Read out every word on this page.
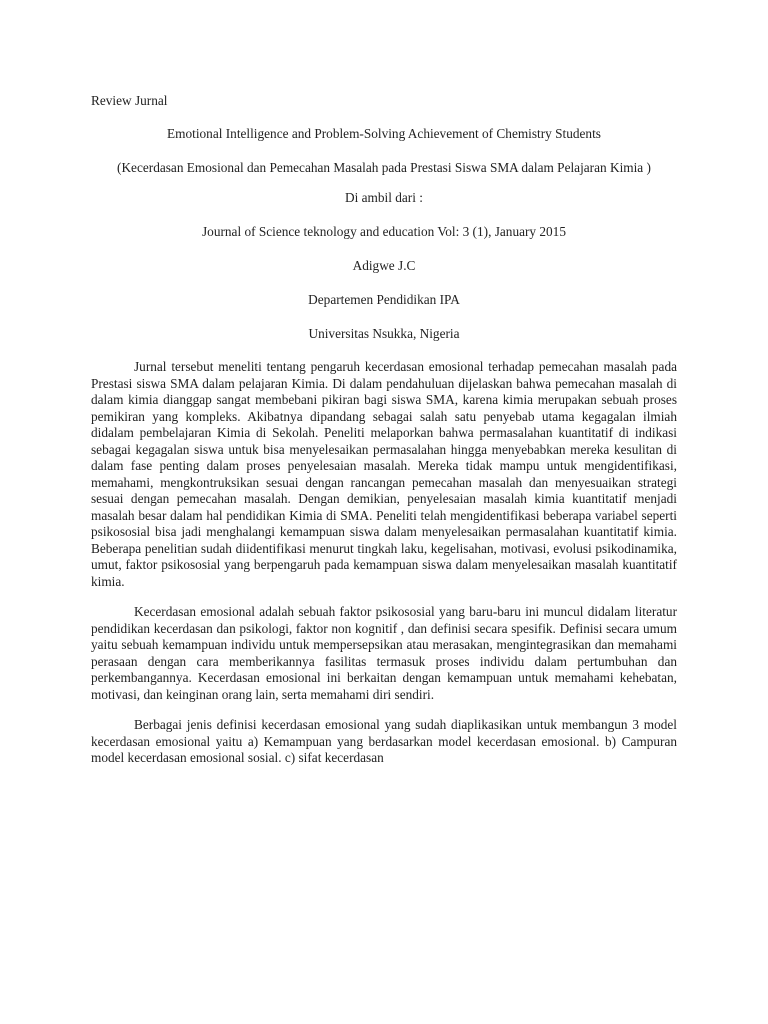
Review Jurnal

Emotional Intelligence and Problem-Solving Achievement of Chemistry Students

(Kecerdasan Emosional dan Pemecahan Masalah pada Prestasi Siswa SMA dalam Pelajaran Kimia )

Di ambil dari :

Journal of Science teknology and education Vol: 3 (1), January 2015

Adigwe J.C

Departemen Pendidikan IPA

Universitas Nsukka, Nigeria

Jurnal tersebut meneliti tentang pengaruh kecerdasan emosional terhadap pemecahan masalah pada Prestasi siswa SMA dalam pelajaran Kimia. Di dalam pendahuluan dijelaskan bahwa pemecahan masalah di dalam kimia dianggap sangat membebani pikiran bagi siswa SMA, karena kimia merupakan sebuah proses pemikiran yang kompleks. Akibatnya dipandang sebagai salah satu penyebab utama kegagalan ilmiah didalam pembelajaran Kimia di Sekolah. Peneliti melaporkan bahwa permasalahan kuantitatif di indikasi sebagai kegagalan siswa untuk bisa menyelesaikan permasalahan hingga menyebabkan mereka kesulitan di dalam fase penting dalam proses penyelesaian masalah. Mereka tidak mampu untuk mengidentifikasi, memahami, mengkontruksikan sesuai dengan rancangan pemecahan masalah dan menyesuaikan strategi sesuai dengan pemecahan masalah. Dengan demikian, penyelesaian masalah kimia kuantitatif menjadi masalah besar dalam hal pendidikan Kimia di SMA. Peneliti telah mengidentifikasi beberapa variabel seperti psikososial bisa jadi menghalangi kemampuan siswa dalam menyelesaikan permasalahan kuantitatif kimia. Beberapa penelitian sudah diidentifikasi menurut tingkah laku, kegelisahan, motivasi, evolusi psikodinamika, umut, faktor psikososial yang berpengaruh pada kemampuan siswa dalam menyelesaikan masalah kuantitatif kimia.

Kecerdasan emosional adalah sebuah faktor psikososial yang baru-baru ini muncul didalam literatur pendidikan kecerdasan dan psikologi, faktor non kognitif , dan definisi secara spesifik. Definisi secara umum yaitu sebuah kemampuan individu untuk mempersepsikan atau merasakan, mengintegrasikan dan memahami perasaan dengan cara memberikannya fasilitas termasuk proses individu dalam pertumbuhan dan perkembangannya. Kecerdasan emosional ini berkaitan dengan kemampuan untuk memahami kehebatan, motivasi, dan keinginan orang lain, serta memahami diri sendiri.

Berbagai jenis definisi kecerdasan emosional yang sudah diaplikasikan untuk membangun 3 model kecerdasan emosional yaitu a) Kemampuan yang berdasarkan model kecerdasan emosional. b) Campuran model kecerdasan emosional sosial. c) sifat kecerdasan
